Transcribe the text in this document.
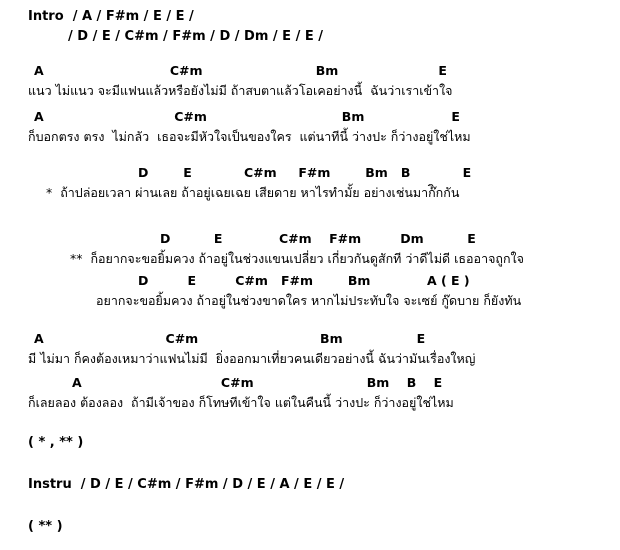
Intro  / A / F#m / E / E /
/ D / E / C#m / F#m / D / Dm / E / E /
A                             C#m                          Bm                       E
แนว ไม่แนว จะมีแฟนแล้วหรือยังไม่มี ถ้าสบตาแล้วโอเคอย่างนี้  ฉันว่าเราเข้าใจ
A                              C#m                               Bm                    E
ก็บอกตรง ตรง  ไม่กลัว  เธอจะมีหัวใจเป็นของใคร  แต่นาทีนี้ ว่างปะ ก็ว่างอยู่ใช่ไหม
D        E            C#m     F#m        Bm   B            E
*  ถ้าปล่อยเวลา ผ่านเลย ถ้าอยู่เฉยเฉย เสียดาย หาไรทำมั้ย อย่างเช่นมาก๊ิกกัน
D          E             C#m    F#m         Dm          E
**  ก็อยากจะขอยิ้มควง ถ้าอยู่ในช่วงแขนเปลี่ยว เกี่ยวกันดูสักที ว่าดีไม่ดี เธออาจถูกใจ
D         E         C#m   F#m        Bm             A ( E )
อยากจะขอยิ้มควง ถ้าอยู่ในช่วงขาดใคร หากไม่ประทับใจ จะเซย์ กู๊ดบาย ก็ยังทัน
A                            C#m                            Bm                 E
มี ไม่มา ก็คงต้องเหมาว่าแฟนไม่มี  ยิ่งออกมาเที่ยวคนเดียวอย่างนี้ ฉันว่ามันเรื่องใหญ่
A                                C#m                          Bm    B    E
ก็เลยลอง ต้องลอง  ถ้ามีเจ้าของ ก็โทษทีเข้าใจ แต่ในคืนนี้ ว่างปะ ก็ว่างอยู่ใช่ไหม
( * , ** )
Instru  / D / E / C#m / F#m / D / E / A / E / E /
( ** )
